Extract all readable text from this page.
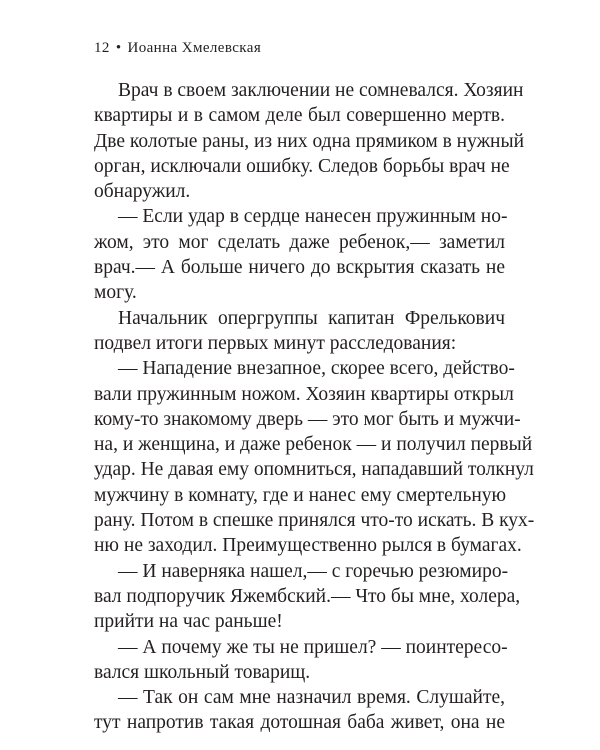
12 • Иоанна Хмелевская
Врач в своем заключении не сомневался. Хозяин
квартиры и в самом деле был совершенно мертв.
Две колотые раны, из них одна прямиком в нужный
орган, исключали ошибку. Следов борьбы врач не
обнаружил.
— Если удар в сердце нанесен пружинным но-
жом, это мог сделать даже ребенок,— заметил
врач.— А больше ничего до вскрытия сказать не
могу.
Начальник опергруппы капитан Фрелькович
подвел итоги первых минут расследования:
— Нападение внезапное, скорее всего, действо-
вали пружинным ножом. Хозяин квартиры открыл
кому-то знакомому дверь — это мог быть и мужчи-
на, и женщина, и даже ребенок — и получил первый
удар. Не давая ему опомниться, нападавший толкнул
мужчину в комнату, где и нанес ему смертельную
рану. Потом в спешке принялся что-то искать. В кух-
ню не заходил. Преимущественно рылся в бумагах.
— И наверняка нашел,— с горечью резюмиро-
вал подпоручик Яжембский.— Что бы мне, холера,
прийти на час раньше!
— А почему же ты не пришел? — поинтересо-
вался школьный товарищ.
— Так он сам мне назначил время. Слушайте,
тут напротив такая дотошная баба живет, она не
